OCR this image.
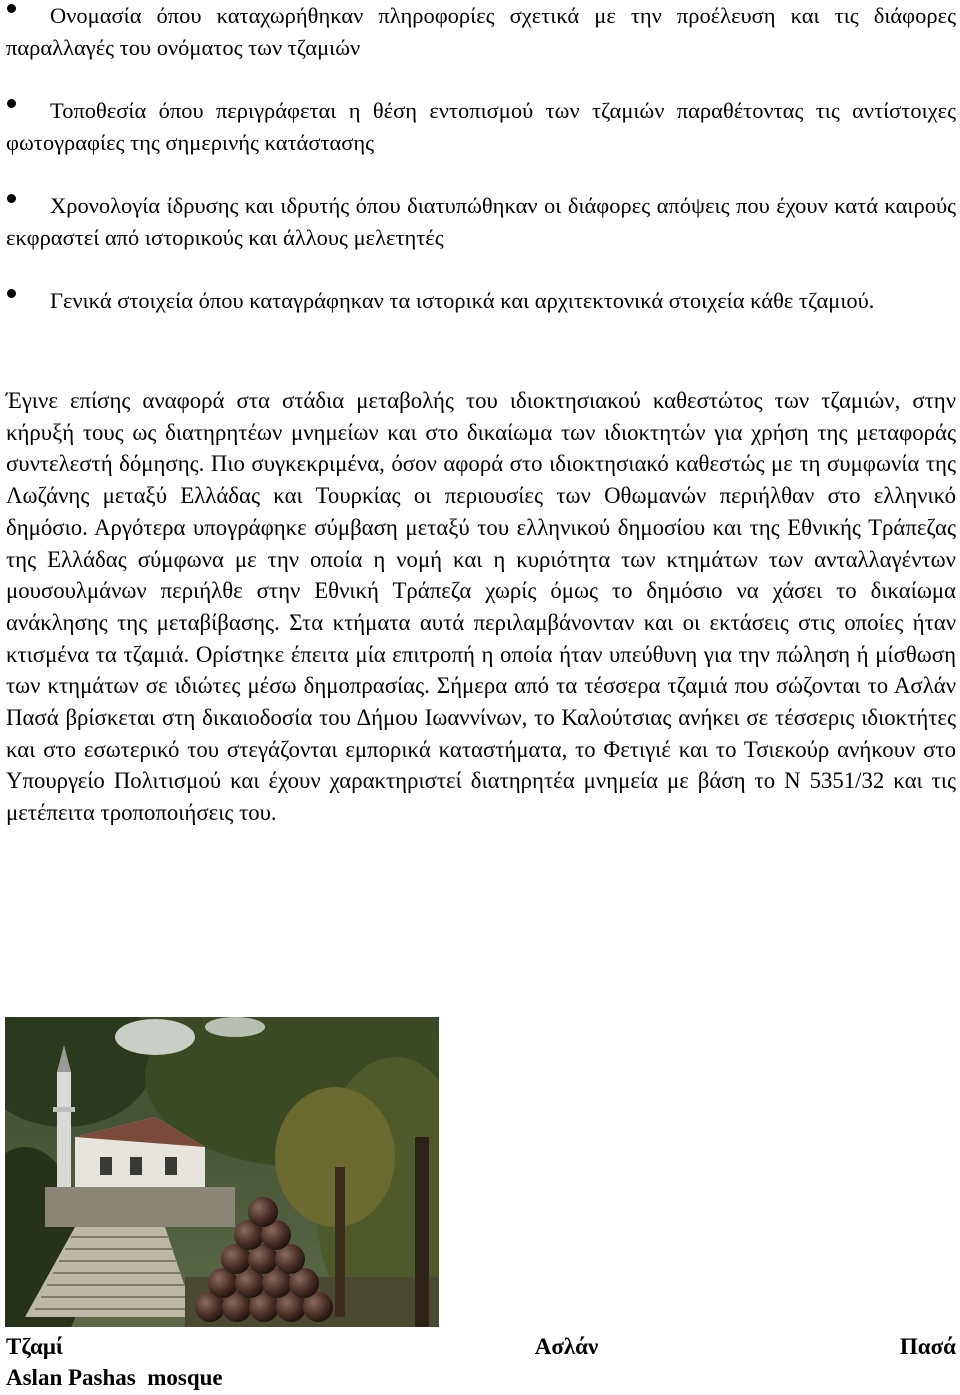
Ονομασία όπου καταχωρήθηκαν πληροφορίες σχετικά με την προέλευση και τις διάφορες παραλλαγές του ονόματος των τζαμιών
Τοποθεσία όπου περιγράφεται η θέση εντοπισμού των τζαμιών παραθέτοντας τις αντίστοιχες φωτογραφίες της σημερινής κατάστασης
Χρονολογία ίδρυσης και ιδρυτής όπου διατυπώθηκαν οι διάφορες απόψεις που έχουν κατά καιρούς εκφραστεί από ιστορικούς και άλλους μελετητές
Γενικά στοιχεία όπου καταγράφηκαν τα ιστορικά και αρχιτεκτονικά στοιχεία κάθε τζαμιού.

Έγινε επίσης αναφορά στα στάδια μεταβολής του ιδιοκτησιακού καθεστώτος των τζαμιών, στην κήρυξή τους ως διατηρητέων μνημείων και στο δικαίωμα των ιδιοκτητών για χρήση της μεταφοράς συντελεστή δόμησης. Πιο συγκεκριμένα, όσον αφορά στο ιδιοκτησιακό καθεστώς με τη συμφωνία της Λωζάνης μεταξύ Ελλάδας και Τουρκίας οι περιουσίες των Οθωμανών περιήλθαν στο ελληνικό δημόσιο. Αργότερα υπογράφηκε σύμβαση μεταξύ του ελληνικού δημοσίου και της Εθνικής Τράπεζας της Ελλάδας σύμφωνα με την οποία η νομή και η κυριότητα των κτημάτων των ανταλλαγέντων μουσουλμάνων περιήλθε στην Εθνική Τράπεζα χωρίς όμως το δημόσιο να χάσει το δικαίωμα ανάκλησης της μεταβίβασης. Στα κτήματα αυτά περιλαμβάνονταν και οι εκτάσεις στις οποίες ήταν κτισμένα τα τζαμιά. Ορίστηκε έπειτα μία επιτροπή η οποία ήταν υπεύθυνη για την πώληση ή μίσθωση των κτημάτων σε ιδιώτες μέσω δημοπρασίας. Σήμερα από τα τέσσερα τζαμιά που σώζονται το Ασλάν Πασά βρίσκεται στη δικαιοδοσία του Δήμου Ιωαννίνων, το Καλούτσιας ανήκει σε τέσσερις ιδιοκτήτες και στο εσωτερικό του στεγάζονται εμπορικά καταστήματα, το Φετιγιέ και το Τσιεκούρ ανήκουν στο Υπουργείο Πολιτισμού και έχουν χαρακτηριστεί διατηρητέα μνημεία με βάση το Ν 5351/32 και τις μετέπειτα τροποποιήσεις του.

Τζαμί	Ασλάν	Πασά
Aslan Pashas  mosque
